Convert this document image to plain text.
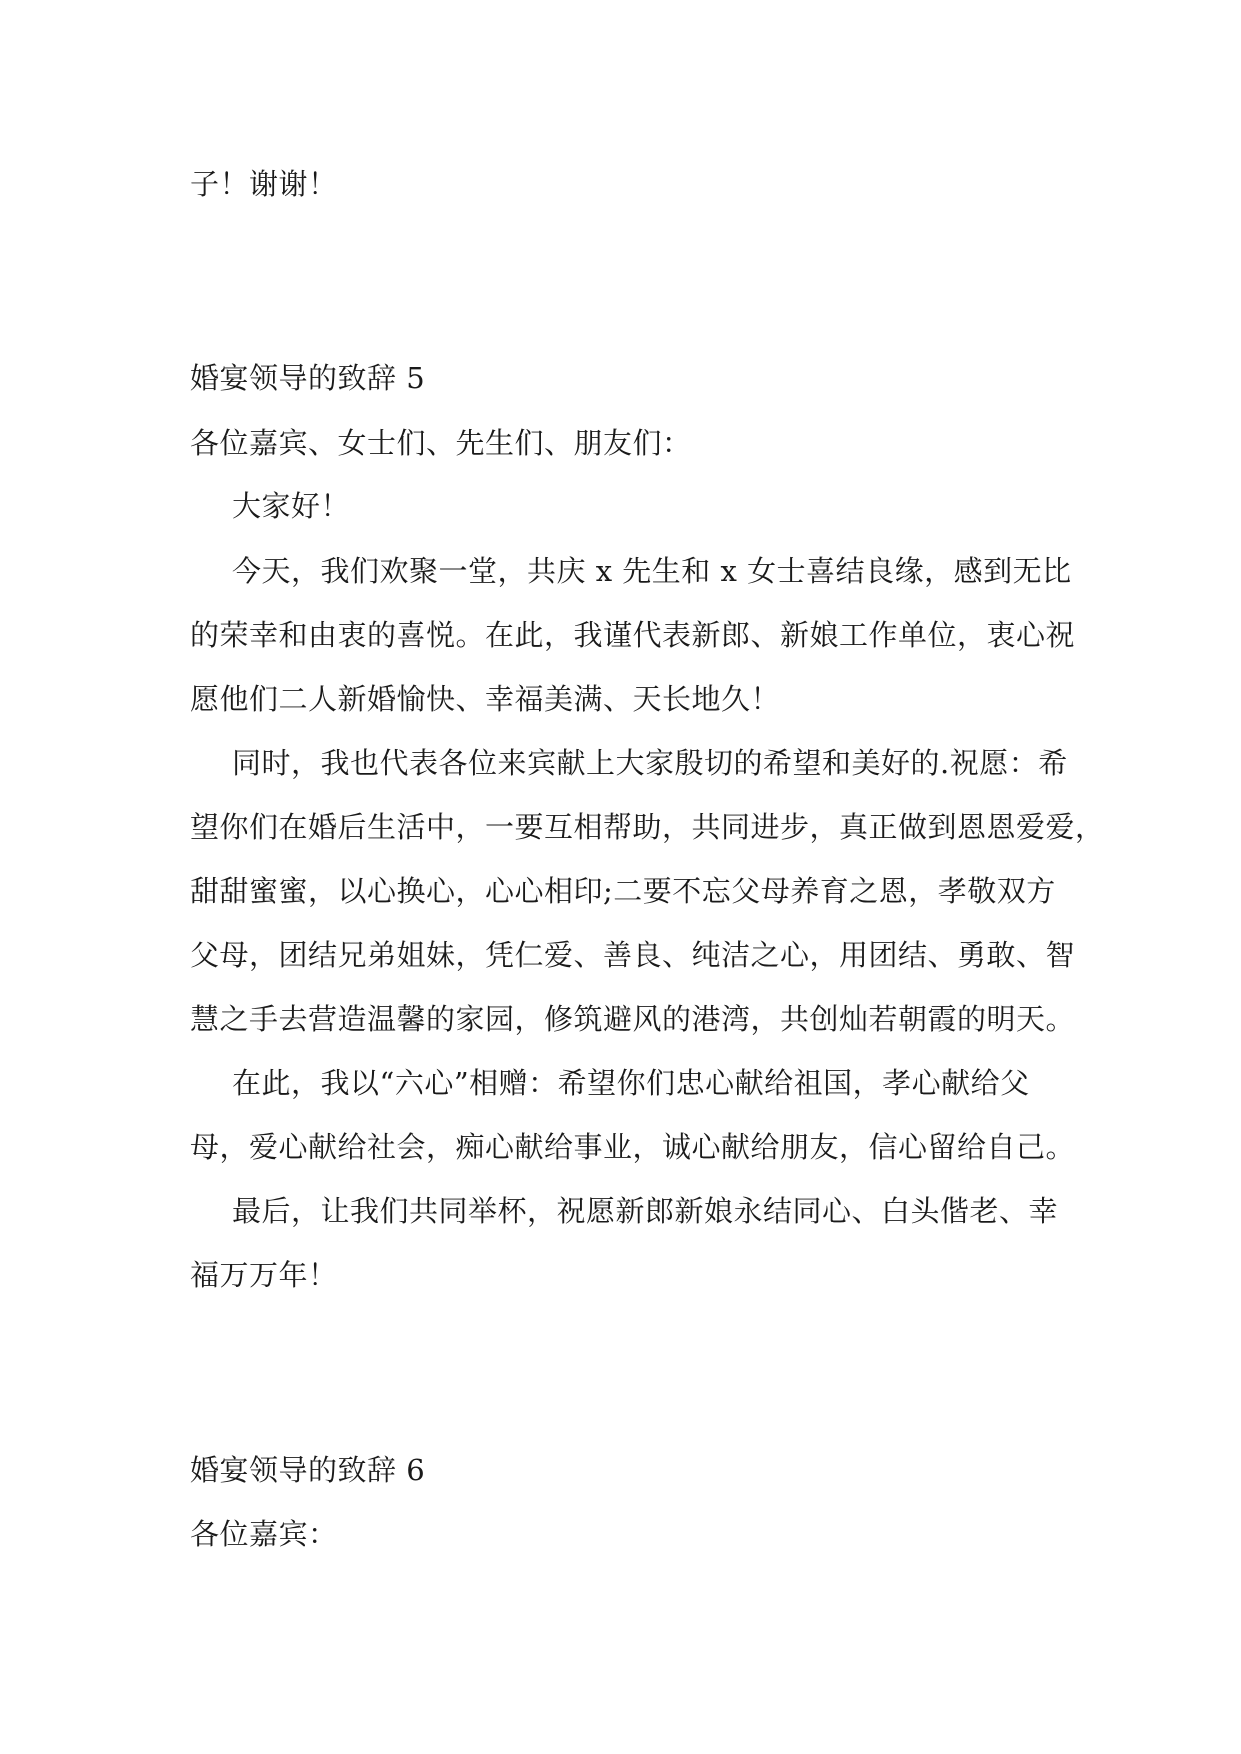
子！谢谢！
婚宴领导的致辞 5
各位嘉宾、女士们、先生们、朋友们：
大家好！
今天，我们欢聚一堂，共庆 x 先生和 x 女士喜结良缘，感到无比
的荣幸和由衷的喜悦。在此，我谨代表新郎、新娘工作单位，衷心祝
愿他们二人新婚愉快、幸福美满、天长地久！
同时，我也代表各位来宾献上大家殷切的希望和美好的.祝愿：希
望你们在婚后生活中，一要互相帮助，共同进步，真正做到恩恩爱爱，
甜甜蜜蜜，以心换心，心心相印;二要不忘父母养育之恩，孝敬双方
父母，团结兄弟姐妹，凭仁爱、善良、纯洁之心，用团结、勇敢、智
慧之手去营造温馨的家园，修筑避风的港湾，共创灿若朝霞的明天。
在此，我以“六心”相赠：希望你们忠心献给祖国，孝心献给父
母，爱心献给社会，痴心献给事业，诚心献给朋友，信心留给自己。
最后，让我们共同举杯，祝愿新郎新娘永结同心、白头偕老、幸
福万万年！
婚宴领导的致辞 6
各位嘉宾：
